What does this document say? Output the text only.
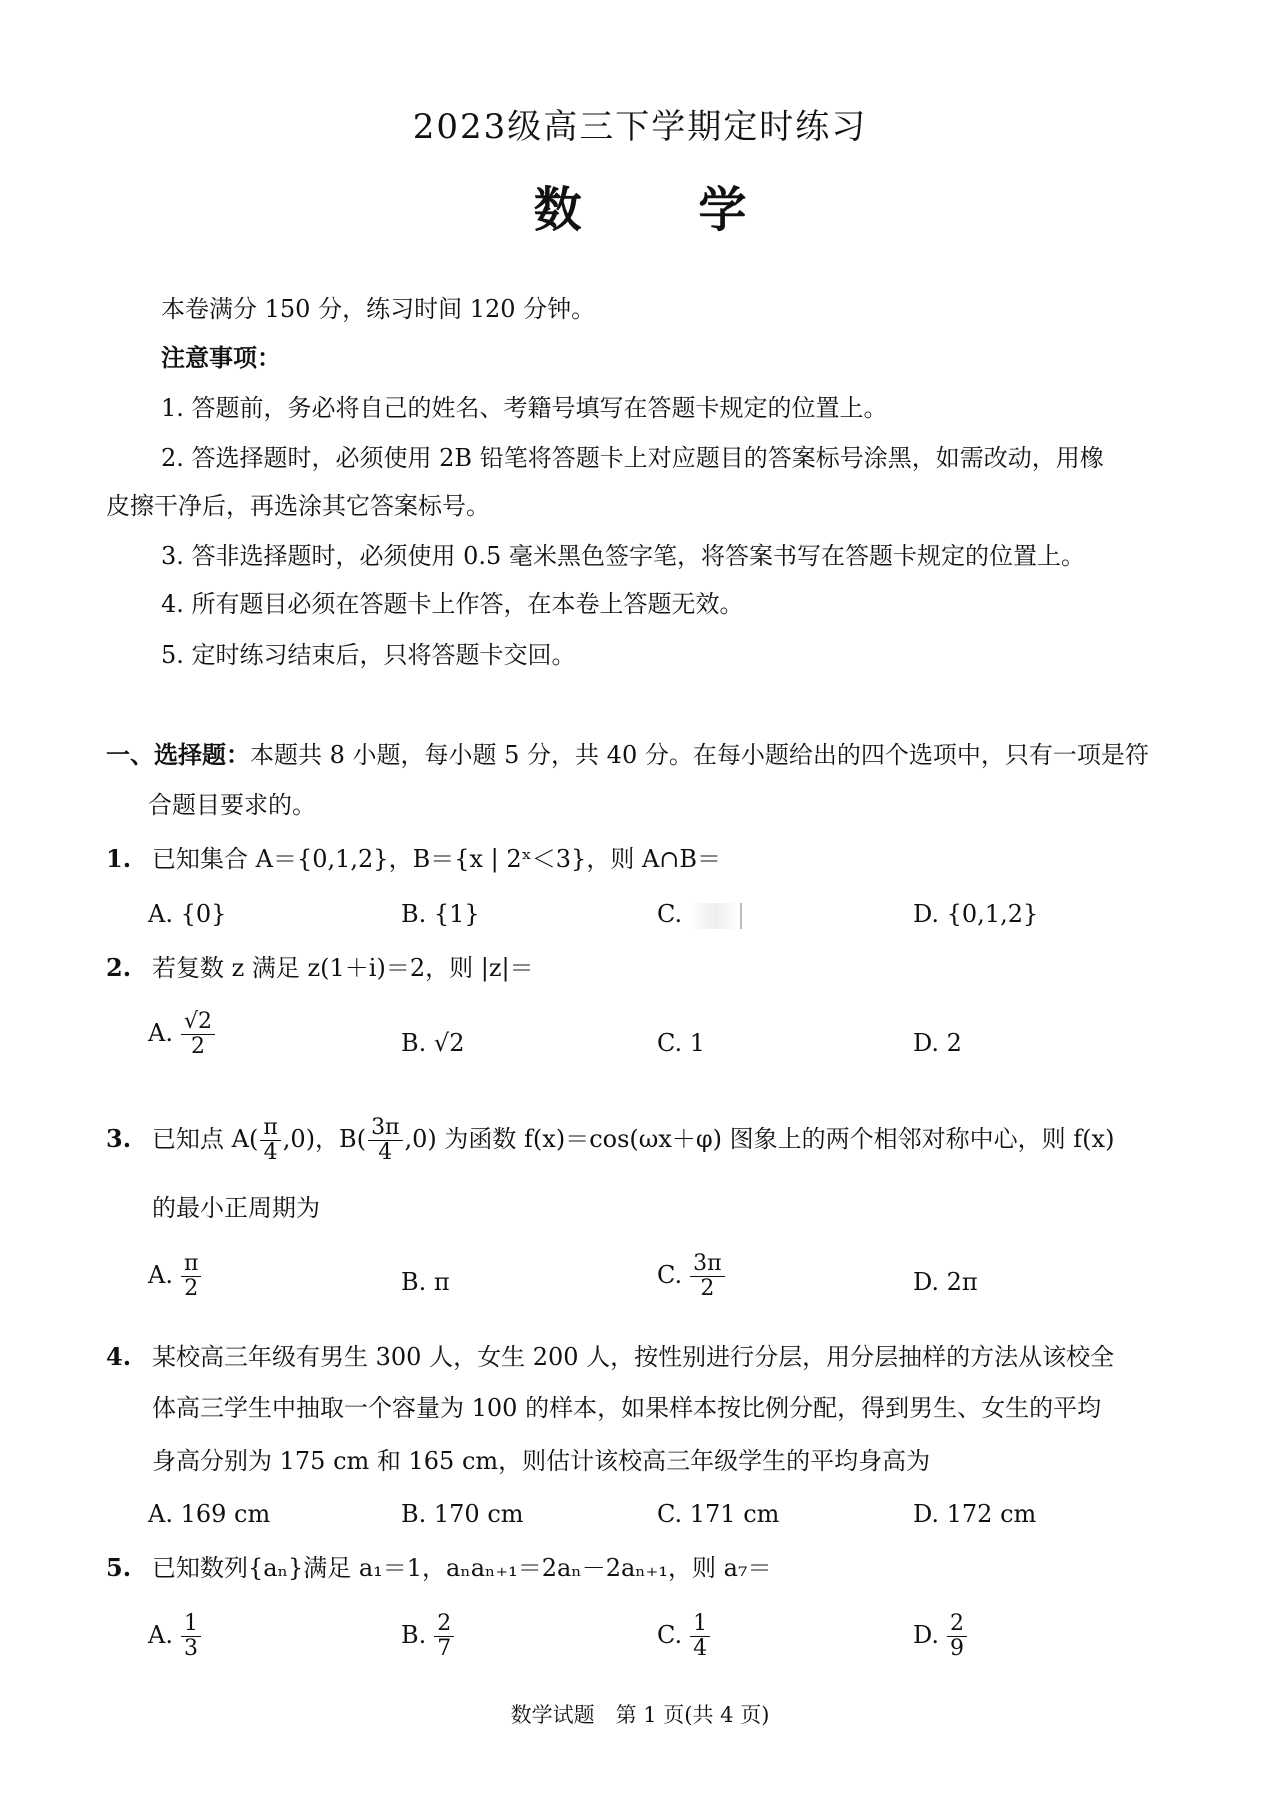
2023级高三下学期定时练习
数 学
本卷满分 150 分，练习时间 120 分钟。
注意事项：
1. 答题前，务必将自己的姓名、考籍号填写在答题卡规定的位置上。
2. 答选择题时，必须使用 2B 铅笔将答题卡上对应题目的答案标号涂黑，如需改动，用橡
皮擦干净后，再选涂其它答案标号。
3. 答非选择题时，必须使用 0.5 毫米黑色签字笔，将答案书写在答题卡规定的位置上。
4. 所有题目必须在答题卡上作答，在本卷上答题无效。
5. 定时练习结束后，只将答题卡交回。
一、选择题：本题共 8 小题，每小题 5 分，共 40 分。在每小题给出的四个选项中，只有一项是符
合题目要求的。
1. 已知集合 A＝{0,1,2}，B＝{x | 2ˣ＜3}，则 A∩B＝
A. {0}	B. {1}	C.	D. {0,1,2}
2. 若复数 z 满足 z(1＋i)＝2，则 |z|＝
A. $\frac{√2}{2}$	B. √2	C. 1	D. 2
3. 已知点 $A( \frac{\pi}{4} ,0)$，$B( \frac{3\pi}{4} ,0)$ 为函数 f(x)＝cos(ωx＋φ) 图象上的两个相邻对称中心，则 f(x)
的最小正周期为
A. $\frac{\pi}{2}$	B. π	C. $\frac{3\pi}{2}$	D. 2π
4. 某校高三年级有男生 300 人，女生 200 人，按性别进行分层，用分层抽样的方法从该校全
体高三学生中抽取一个容量为 100 的样本，如果样本按比例分配，得到男生、女生的平均
身高分别为 175 cm 和 165 cm，则估计该校高三年级学生的平均身高为
A. 169 cm	B. 170 cm	C. 171 cm	D. 172 cm
5. 已知数列{aₙ}满足 a₁＝1，aₙaₙ₊₁＝2aₙ－2aₙ₊₁，则 a₇＝
A. $\frac{1}{3}$	B. $\frac{2}{7}$	C. $\frac{1}{4}$	D. $\frac{2}{9}$
数学试题　第 1 页(共 4 页)
